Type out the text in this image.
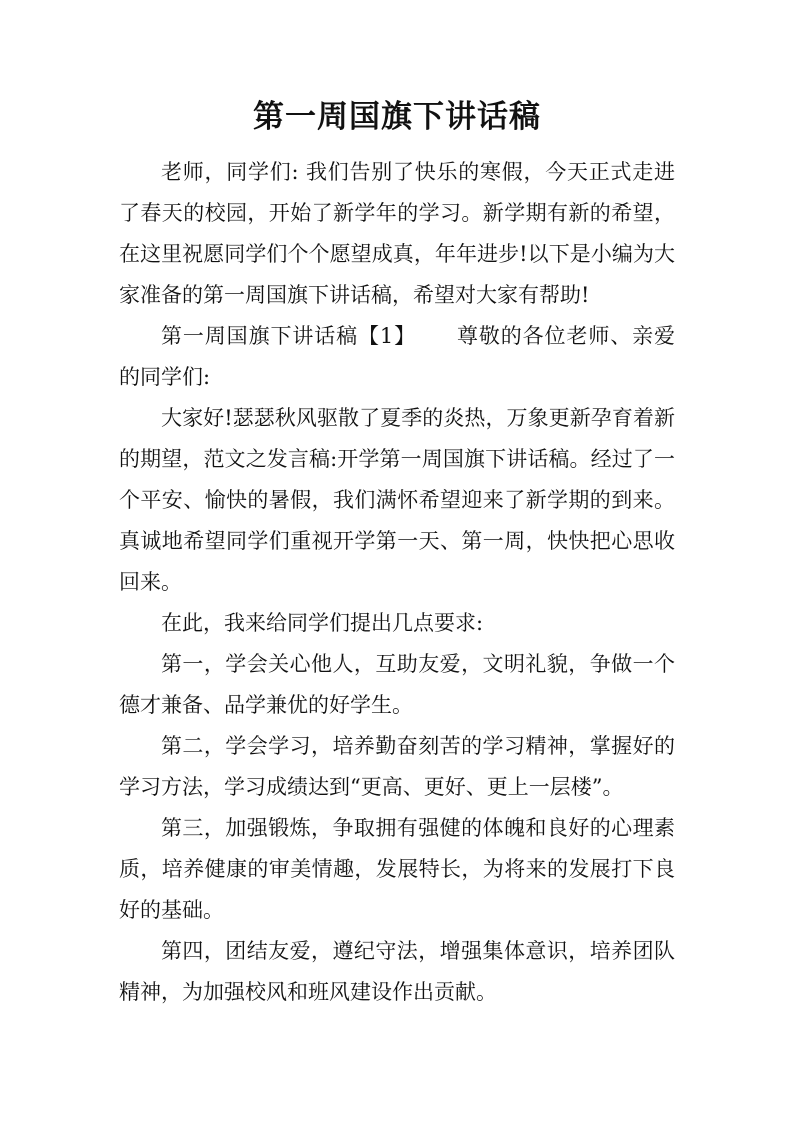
第一周国旗下讲话稿

老师，同学们: 我们告别了快乐的寒假，今天正式走进了春天的校园，开始了新学年的学习。新学期有新的希望，在这里祝愿同学们个个愿望成真，年年进步!以下是小编为大家准备的第一周国旗下讲话稿，希望对大家有帮助!

第一周国旗下讲话稿【1】 尊敬的各位老师、亲爱的同学们:

大家好!瑟瑟秋风驱散了夏季的炎热，万象更新孕育着新的期望，范文之发言稿:开学第一周国旗下讲话稿。经过了一个平安、愉快的暑假，我们满怀希望迎来了新学期的到来。真诚地希望同学们重视开学第一天、第一周，快快把心思收回来。

在此，我来给同学们提出几点要求:

第一，学会关心他人，互助友爱，文明礼貌，争做一个德才兼备、品学兼优的好学生。

第二，学会学习，培养勤奋刻苦的学习精神，掌握好的学习方法，学习成绩达到“更高、更好、更上一层楼”。

第三，加强锻炼，争取拥有强健的体魄和良好的心理素质，培养健康的审美情趣，发展特长，为将来的发展打下良好的基础。

第四，团结友爱，遵纪守法，增强集体意识，培养团队精神，为加强校风和班风建设作出贡献。
